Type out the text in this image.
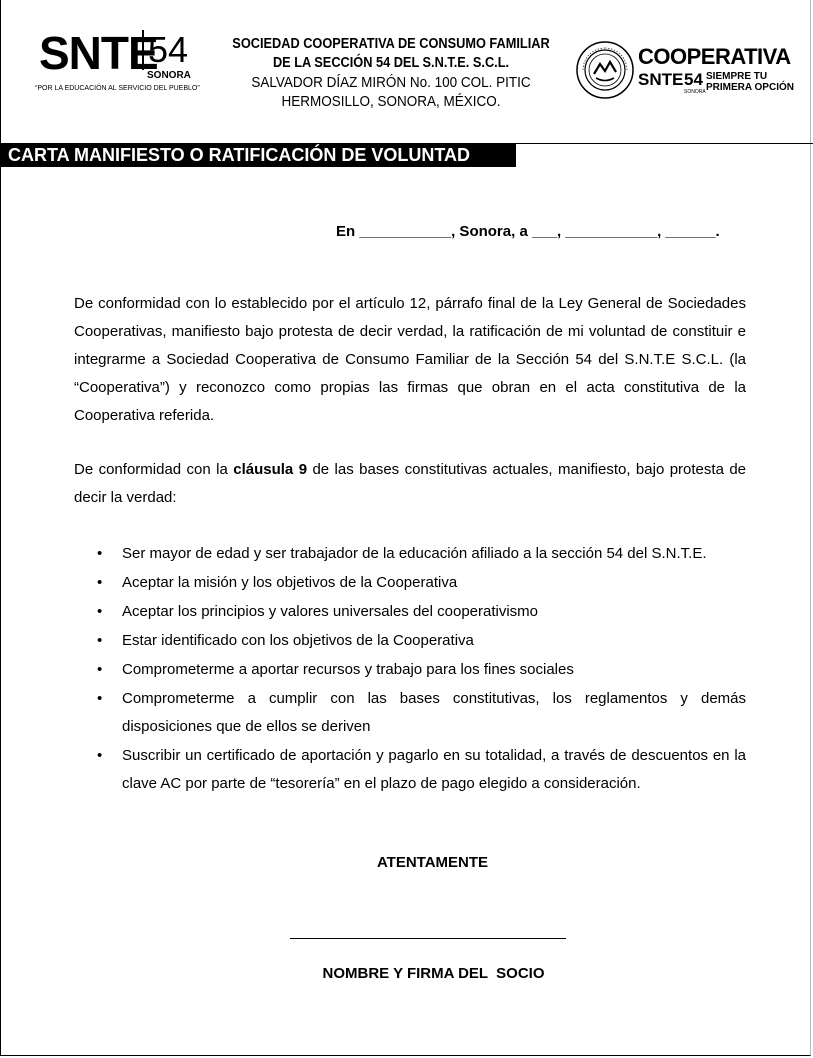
SNTE
54
SONORA
“POR LA EDUCACIÓN AL SERVICIO DEL PUEBLO”
SOCIEDAD COOPERATIVA DE CONSUMO FAMILIAR
DE LA SECCIÓN 54 DEL S.N.T.E. S.C.L.
SALVADOR DÍAZ MIRÓN No. 100 COL. PITIC
HERMOSILLO, SONORA, MÉXICO.
COOPERATIVA
SNTE 54
SONORA
SIEMPRE TU
PRIMERA OPCIÓN
CARTA MANIFIESTO O RATIFICACIÓN DE VOLUNTAD
En ___________, Sonora, a ___, ___________, ______.
De conformidad con lo establecido por el artículo 12, párrafo final de la Ley General de Sociedades Cooperativas, manifiesto bajo protesta de decir verdad, la ratificación de mi voluntad de constituir e integrarme a Sociedad Cooperativa de Consumo Familiar de la Sección 54 del S.N.T.E S.C.L. (la “Cooperativa”) y reconozco como propias las firmas que obran en el acta constitutiva de la Cooperativa referida.
De conformidad con la cláusula 9 de las bases constitutivas actuales, manifiesto, bajo protesta de decir la verdad:
• Ser mayor de edad y ser trabajador de la educación afiliado a la sección 54 del S.N.T.E.
• Aceptar la misión y los objetivos de la Cooperativa
• Aceptar los principios y valores universales del cooperativismo
• Estar identificado con los objetivos de la Cooperativa
• Comprometerme a aportar recursos y trabajo para los fines sociales
• Comprometerme a cumplir con las bases constitutivas, los reglamentos y demás disposiciones que de ellos se deriven
• Suscribir un certificado de aportación y pagarlo en su totalidad, a través de descuentos en la clave AC por parte de “tesorería” en el plazo de pago elegido a consideración.
ATENTAMENTE
NOMBRE Y FIRMA DEL  SOCIO
